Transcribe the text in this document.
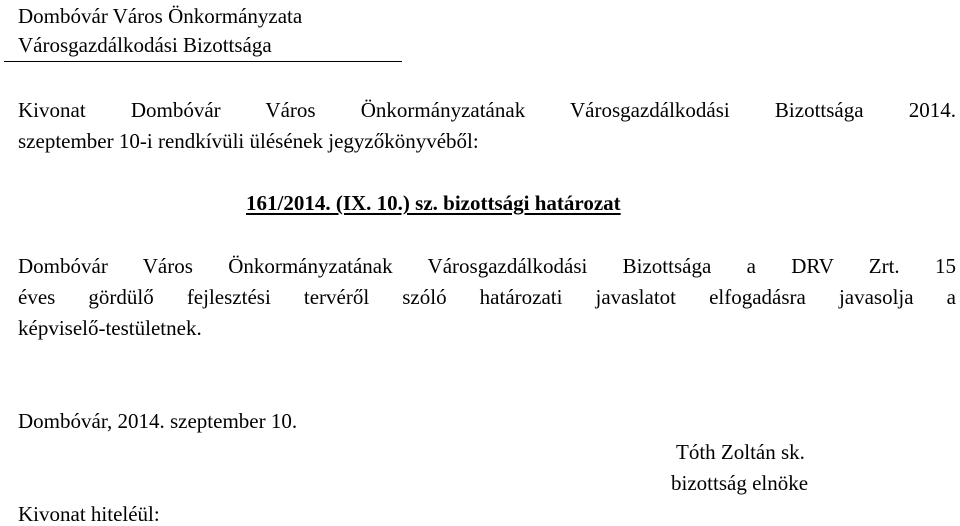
Dombóvár Város Önkormányzata
Városgazdálkodási Bizottsága
Kivonat Dombóvár Város Önkormányzatának Városgazdálkodási Bizottsága 2014.
szeptember 10-i rendkívüli ülésének jegyzőkönyvéből:
161/2014. (IX. 10.) sz. bizottsági határozat
Dombóvár Város Önkormányzatának Városgazdálkodási Bizottsága a DRV Zrt. 15
éves gördülő fejlesztési tervéről szóló határozati javaslatot elfogadásra javasolja a
képviselő-testületnek.
Dombóvár, 2014. szeptember 10.
Tóth Zoltán sk.
bizottság elnöke
Kivonat hiteléül:
